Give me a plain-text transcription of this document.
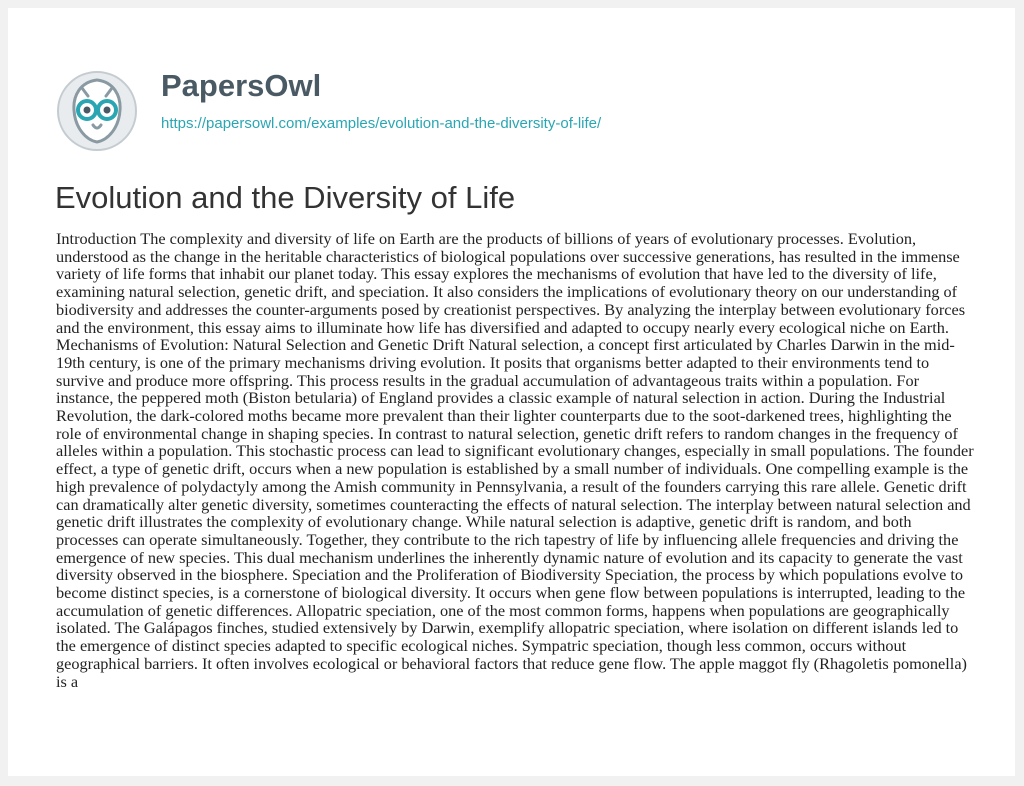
PapersOwl
https://papersowl.com/examples/evolution-and-the-diversity-of-life/
Evolution and the Diversity of Life

Introduction The complexity and diversity of life on Earth are the products of billions of years of evolutionary processes. Evolution, understood as the change in the heritable characteristics of biological populations over successive generations, has resulted in the immense variety of life forms that inhabit our planet today. This essay explores the mechanisms of evolution that have led to the diversity of life, examining natural selection, genetic drift, and speciation. It also considers the implications of evolutionary theory on our understanding of biodiversity and addresses the counter-arguments posed by creationist perspectives. By analyzing the interplay between evolutionary forces and the environment, this essay aims to illuminate how life has diversified and adapted to occupy nearly every ecological niche on Earth. Mechanisms of Evolution: Natural Selection and Genetic Drift Natural selection, a concept first articulated by Charles Darwin in the mid-19th century, is one of the primary mechanisms driving evolution. It posits that organisms better adapted to their environments tend to survive and produce more offspring. This process results in the gradual accumulation of advantageous traits within a population. For instance, the peppered moth (Biston betularia) of England provides a classic example of natural selection in action. During the Industrial Revolution, the dark-colored moths became more prevalent than their lighter counterparts due to the soot-darkened trees, highlighting the role of environmental change in shaping species. In contrast to natural selection, genetic drift refers to random changes in the frequency of alleles within a population. This stochastic process can lead to significant evolutionary changes, especially in small populations. The founder effect, a type of genetic drift, occurs when a new population is established by a small number of individuals. One compelling example is the high prevalence of polydactyly among the Amish community in Pennsylvania, a result of the founders carrying this rare allele. Genetic drift can dramatically alter genetic diversity, sometimes counteracting the effects of natural selection. The interplay between natural selection and genetic drift illustrates the complexity of evolutionary change. While natural selection is adaptive, genetic drift is random, and both processes can operate simultaneously. Together, they contribute to the rich tapestry of life by influencing allele frequencies and driving the emergence of new species. This dual mechanism underlines the inherently dynamic nature of evolution and its capacity to generate the vast diversity observed in the biosphere. Speciation and the Proliferation of Biodiversity Speciation, the process by which populations evolve to become distinct species, is a cornerstone of biological diversity. It occurs when gene flow between populations is interrupted, leading to the accumulation of genetic differences. Allopatric speciation, one of the most common forms, happens when populations are geographically isolated. The Galápagos finches, studied extensively by Darwin, exemplify allopatric speciation, where isolation on different islands led to the emergence of distinct species adapted to specific ecological niches. Sympatric speciation, though less common, occurs without geographical barriers. It often involves ecological or behavioral factors that reduce gene flow. The apple maggot fly (Rhagoletis pomonella) is a
